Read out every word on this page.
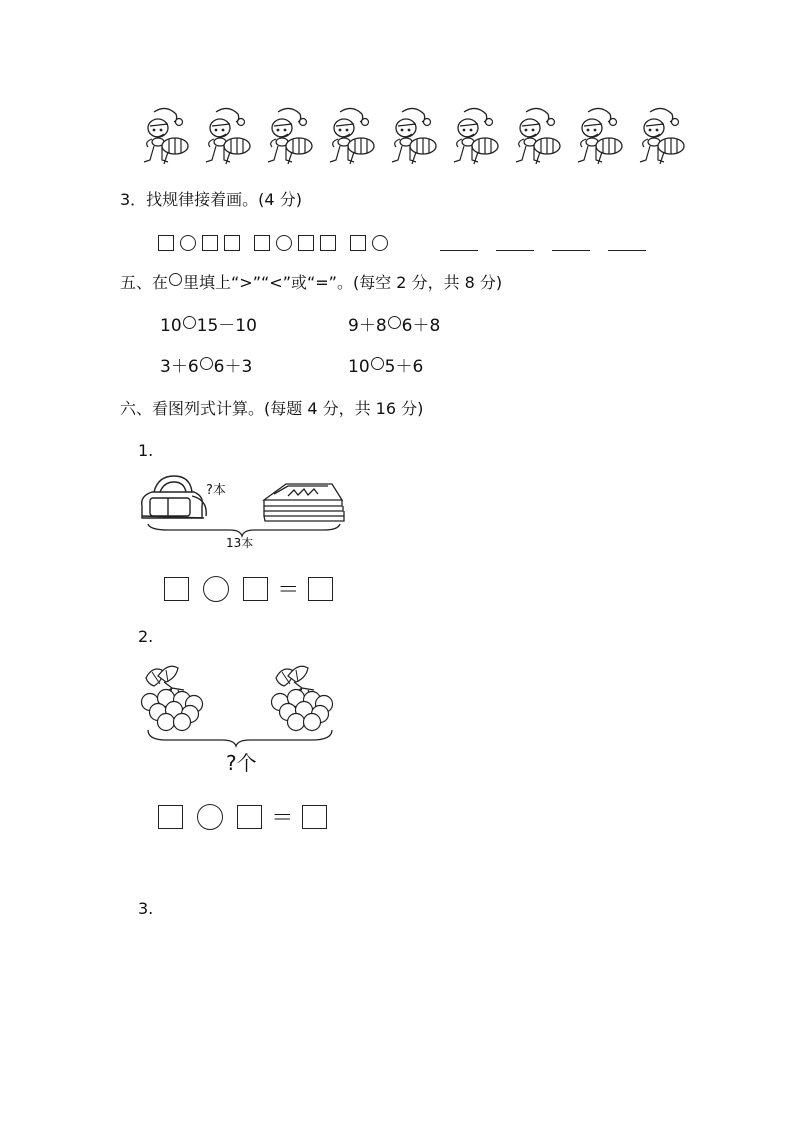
3．找规律接着画。(4 分)
五、在 里填上“>”“<”或“=”。(每空 2 分，共 8 分)
10 15－10	9＋8 6＋8
3＋6 6＋3	10 5＋6
六、看图列式计算。(每题 4 分，共 16 分)
1.
?本
13本
＝
2.
?个
＝
3.
